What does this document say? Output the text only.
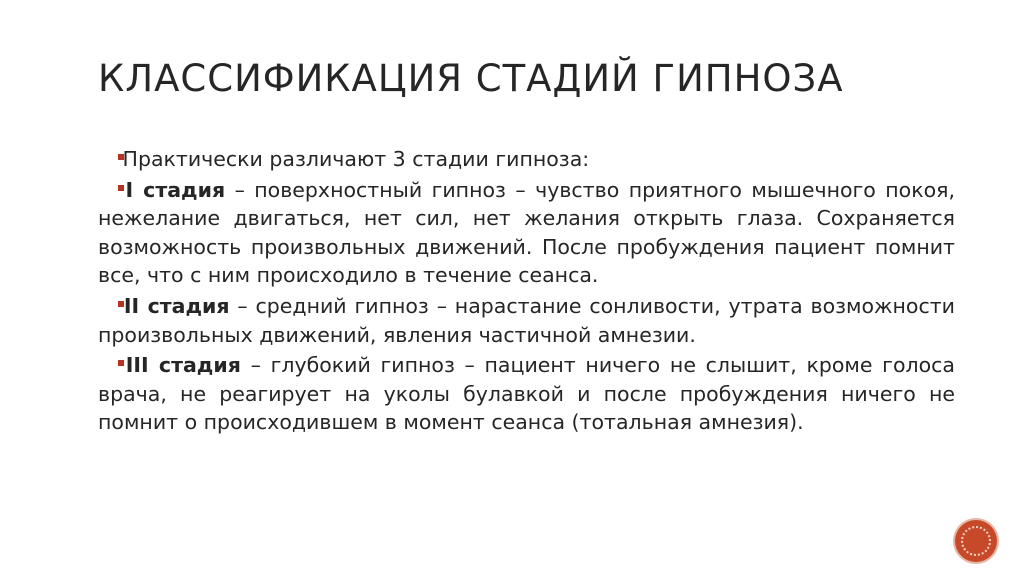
КЛАССИФИКАЦИЯ СТАДИЙ ГИПНОЗА
Практически различают 3 стадии гипноза:
I стадия – поверхностный гипноз – чувство приятного мышечного покоя, нежелание двигаться, нет сил, нет желания открыть глаза. Сохраняется возможность произвольных движений. После пробуждения пациент помнит все, что с ним происходило в течение сеанса.
II стадия – средний гипноз – нарастание сонливости, утрата возможности произвольных движений, явления частичной амнезии.
III стадия – глубокий гипноз – пациент ничего не слышит, кроме голоса врача, не реагирует на уколы булавкой и после пробуждения ничего не помнит о происходившем в момент сеанса (тотальная амнезия).
